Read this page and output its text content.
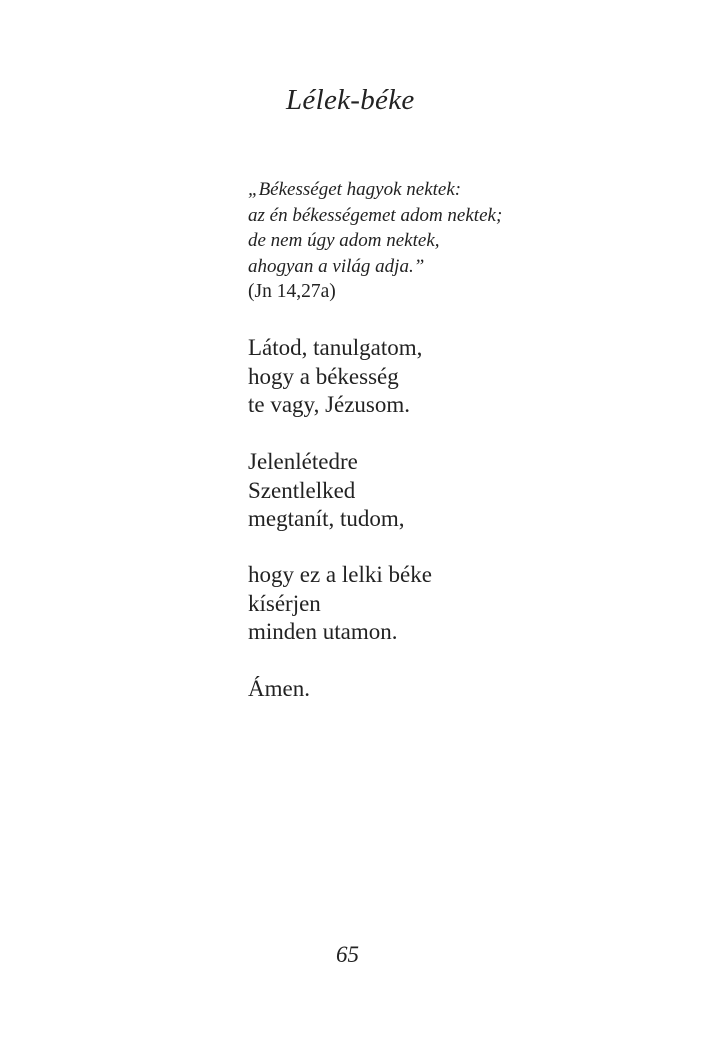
Lélek-béke
„Békességet hagyok nektek:
az én békességemet adom nektek;
de nem úgy adom nektek,
ahogyan a világ adja.”
(Jn 14,27a)
Látod, tanulgatom,
hogy a békesség
te vagy, Jézusom.
Jelenlétedre
Szentlelked
megtanít, tudom,
hogy ez a lelki béke
kísérjen
minden utamon.
Ámen.
65
